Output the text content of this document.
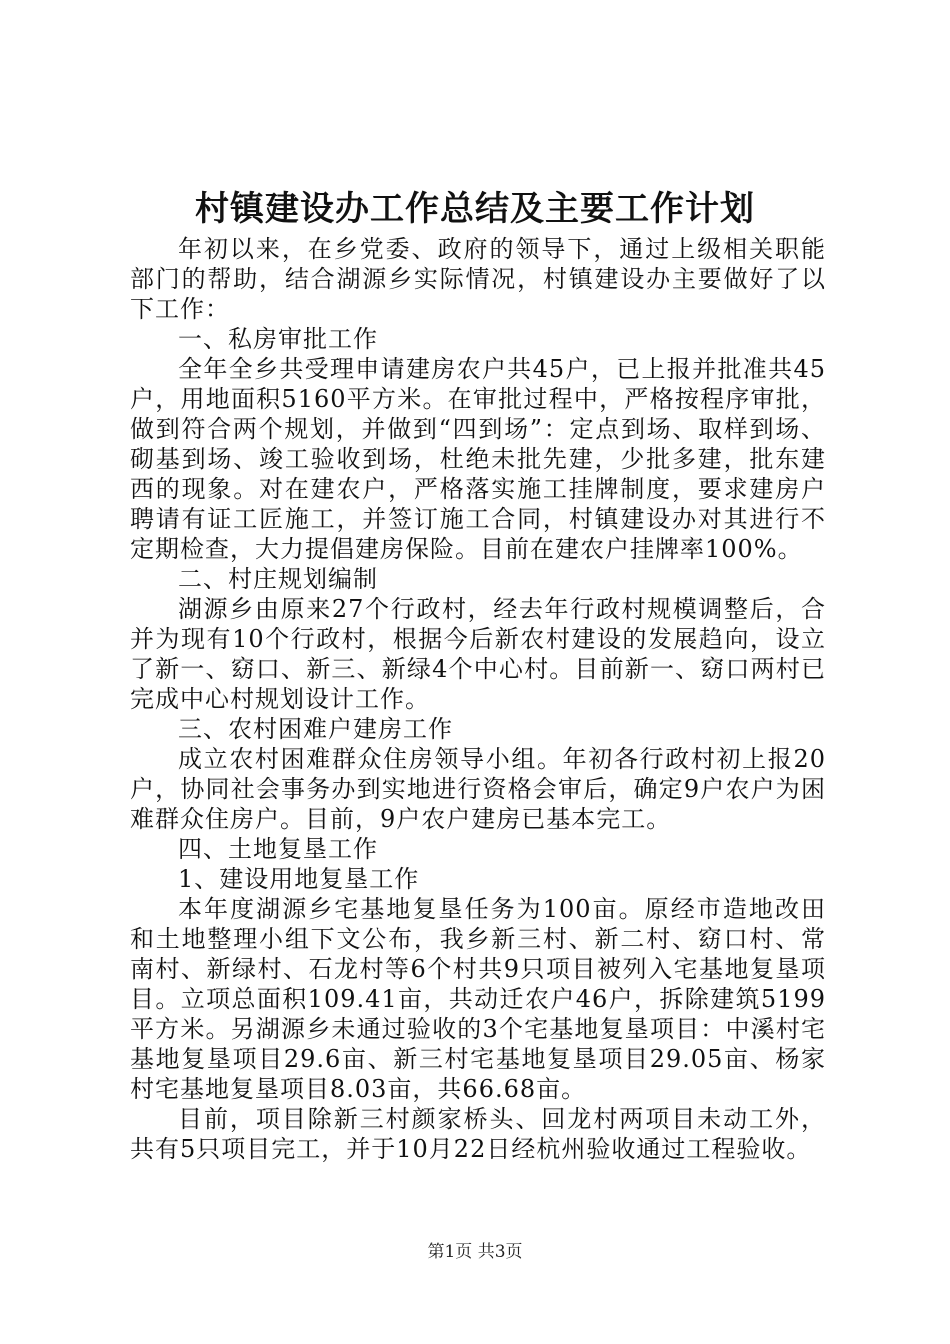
村镇建设办工作总结及主要工作计划

年初以来，在乡党委、政府的领导下，通过上级相关职能部门的帮助，结合湖源乡实际情况，村镇建设办主要做好了以下工作：

一、私房审批工作

全年全乡共受理申请建房农户共45户，已上报并批准共45户，用地面积5160平方米。在审批过程中，严格按程序审批，做到符合两个规划，并做到“四到场”：定点到场、取样到场、砌基到场、竣工验收到场，杜绝未批先建，少批多建，批东建西的现象。对在建农户，严格落实施工挂牌制度，要求建房户聘请有证工匠施工，并签订施工合同，村镇建设办对其进行不定期检查，大力提倡建房保险。目前在建农户挂牌率100%。

二、村庄规划编制

湖源乡由原来27个行政村，经去年行政村规模调整后，合并为现有10个行政村，根据今后新农村建设的发展趋向，设立了新一、窈口、新三、新绿4个中心村。目前新一、窈口两村已完成中心村规划设计工作。

三、农村困难户建房工作

成立农村困难群众住房领导小组。年初各行政村初上报20户，协同社会事务办到实地进行资格会审后，确定9户农户为困难群众住房户。目前，9户农户建房已基本完工。

四、土地复垦工作

1、建设用地复垦工作

本年度湖源乡宅基地复垦任务为100亩。原经市造地改田和土地整理小组下文公布，我乡新三村、新二村、窈口村、常南村、新绿村、石龙村等6个村共9只项目被列入宅基地复垦项目。立项总面积109.41亩，共动迁农户46户，拆除建筑5199平方米。另湖源乡未通过验收的3个宅基地复垦项目：中溪村宅基地复垦项目29.6亩、新三村宅基地复垦项目29.05亩、杨家村宅基地复垦项目8.03亩，共66.68亩。

目前，项目除新三村颜家桥头、回龙村两项目未动工外，共有5只项目完工，并于10月22日经杭州验收通过工程验收。

第1页 共3页
